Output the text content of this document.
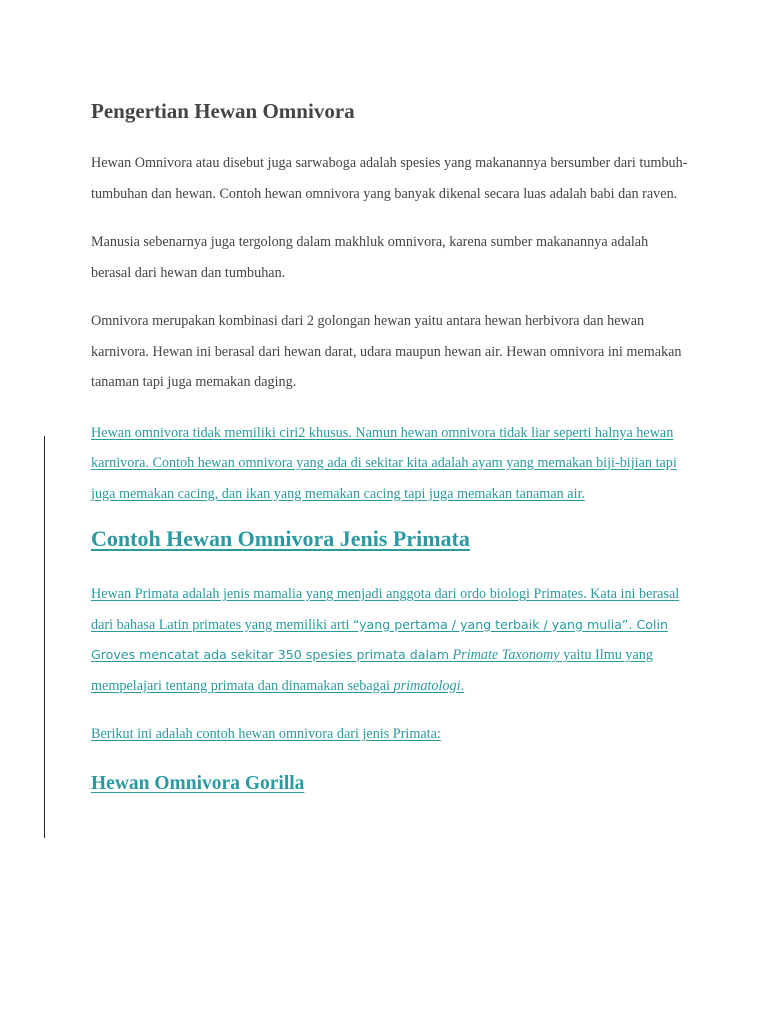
Pengertian Hewan Omnivora

Hewan Omnivora atau disebut juga sarwaboga adalah spesies yang makanannya bersumber dari tumbuh-tumbuhan dan hewan. Contoh hewan omnivora yang banyak dikenal secara luas adalah babi dan raven.

Manusia sebenarnya juga tergolong dalam makhluk omnivora, karena sumber makanannya adalah berasal dari hewan dan tumbuhan.

Omnivora merupakan kombinasi dari 2 golongan hewan yaitu antara hewan herbivora dan hewan karnivora. Hewan ini berasal dari hewan darat, udara maupun hewan air. Hewan omnivora ini memakan tanaman tapi juga memakan daging.

Hewan omnivora tidak memiliki ciri2 khusus. Namun hewan omnivora tidak liar seperti halnya hewan karnivora. Contoh hewan omnivora yang ada di sekitar kita adalah ayam yang memakan biji-bijian tapi juga memakan cacing, dan ikan yang memakan cacing tapi juga memakan tanaman air.

Contoh Hewan Omnivora Jenis Primata

Hewan Primata adalah jenis mamalia yang menjadi anggota dari ordo biologi Primates. Kata ini berasal dari bahasa Latin primates yang memiliki arti “yang pertama / yang terbaik / yang mulia”. Colin Groves mencatat ada sekitar 350 spesies primata dalam Primate Taxonomy yaitu Ilmu yang mempelajari tentang primata dan dinamakan sebagai primatologi.

Berikut ini adalah contoh hewan omnivora dari jenis Primata:

Hewan Omnivora Gorilla
